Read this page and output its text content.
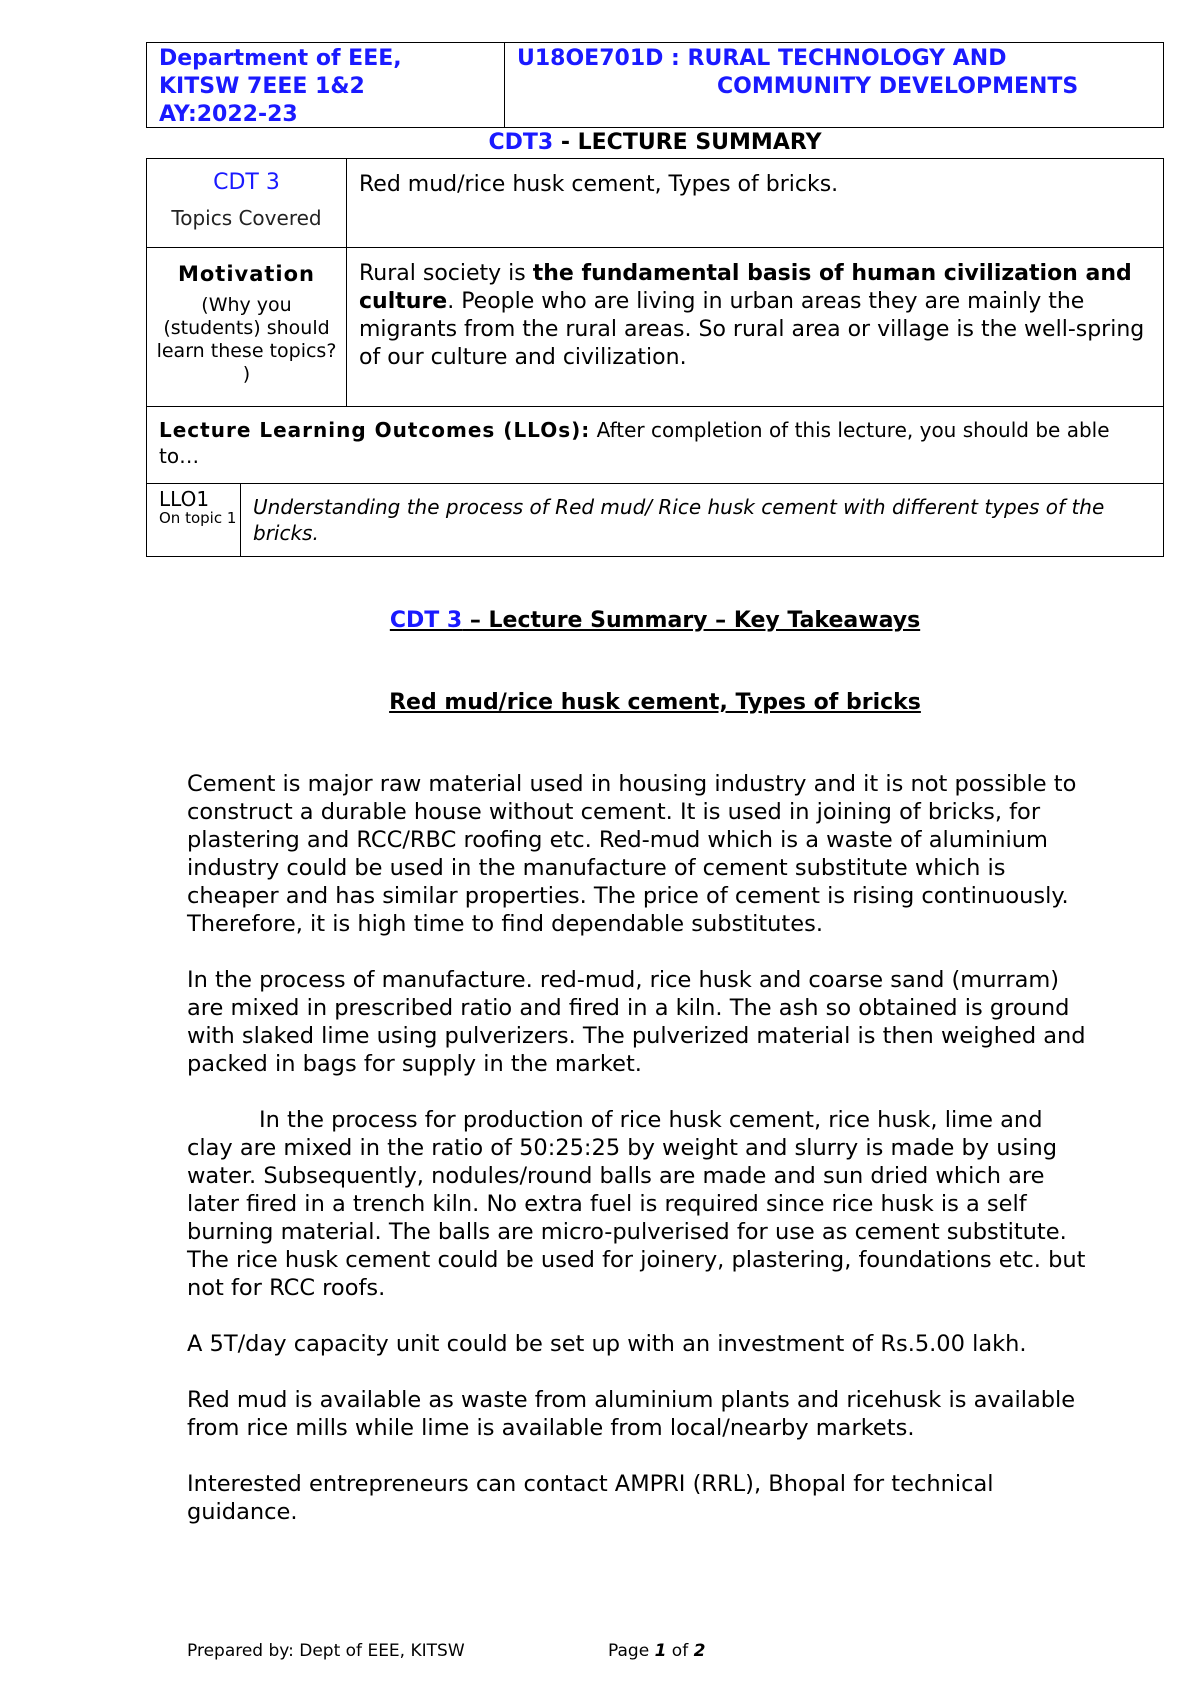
Department of EEE,
KITSW 7EEE 1&2
AY:2022-23
U18OE701D : RURAL TECHNOLOGY AND
COMMUNITY DEVELOPMENTS
CDT3 - LECTURE SUMMARY
CDT 3
Topics Covered
Red mud/rice husk cement, Types of bricks.
Motivation
(Why you (students) should learn these topics? )
Rural society is the fundamental basis of human civilization and culture. People who are living in urban areas they are mainly the migrants from the rural areas. So rural area or village is the well-spring of our culture and civilization.
Lecture Learning Outcomes (LLOs): After completion of this lecture, you should be able to…
LLO1
On topic 1 Understanding the process of Red mud/ Rice husk cement with different types of the bricks.
CDT 3 – Lecture Summary – Key Takeaways
Red mud/rice husk cement, Types of bricks

Cement is major raw material used in housing industry and it is not possible to construct a durable house without cement. It is used in joining of bricks, for plastering and RCC/RBC roofing etc. Red-mud which is a waste of aluminium industry could be used in the manufacture of cement substitute which is cheaper and has similar properties. The price of cement is rising continuously. Therefore, it is high time to find dependable substitutes.

In the process of manufacture. red-mud, rice husk and coarse sand (murram) are mixed in prescribed ratio and fired in a kiln. The ash so obtained is ground with slaked lime using pulverizers. The pulverized material is then weighed and packed in bags for supply in the market.

In the process for production of rice husk cement, rice husk, lime and clay are mixed in the ratio of 50:25:25 by weight and slurry is made by using water. Subsequently, nodules/round balls are made and sun dried which are later fired in a trench kiln. No extra fuel is required since rice husk is a self burning material. The balls are micro-pulverised for use as cement substitute. The rice husk cement could be used for joinery, plastering, foundations etc. but not for RCC roofs.

A 5T/day capacity unit could be set up with an investment of Rs.5.00 lakh.

Red mud is available as waste from aluminium plants and ricehusk is available from rice mills while lime is available from local/nearby markets.

Interested entrepreneurs can contact AMPRI (RRL), Bhopal for technical guidance.

Prepared by: Dept of EEE, KITSW	Page 1 of 2
